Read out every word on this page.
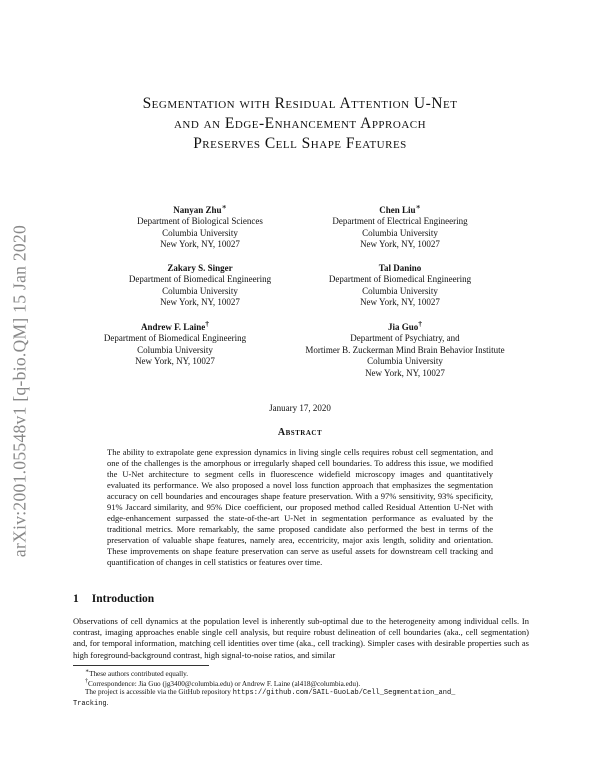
arXiv:2001.05548v1 [q-bio.QM] 15 Jan 2020
Segmentation with Residual Attention U-Net
and an Edge-Enhancement Approach
Preserves Cell Shape Features
Nanyan Zhu∗
Department of Biological Sciences
Columbia University
New York, NY, 10027
Chen Liu∗
Department of Electrical Engineering
Columbia University
New York, NY, 10027
Zakary S. Singer
Department of Biomedical Engineering
Columbia University
New York, NY, 10027
Tal Danino
Department of Biomedical Engineering
Columbia University
New York, NY, 10027
Andrew F. Laine†
Department of Biomedical Engineering
Columbia University
New York, NY, 10027
Jia Guo†
Department of Psychiatry, and
Mortimer B. Zuckerman Mind Brain Behavior Institute
Columbia University
New York, NY, 10027
January 17, 2020
Abstract
The ability to extrapolate gene expression dynamics in living single cells requires robust cell segmentation, and one of the challenges is the amorphous or irregularly shaped cell boundaries. To address this issue, we modified the U-Net architecture to segment cells in fluorescence widefield microscopy images and quantitatively evaluated its performance. We also proposed a novel loss function approach that emphasizes the segmentation accuracy on cell boundaries and encourages shape feature preservation. With a 97% sensitivity, 93% specificity, 91% Jaccard similarity, and 95% Dice coefficient, our proposed method called Residual Attention U-Net with edge-enhancement surpassed the state-of-the-art U-Net in segmentation performance as evaluated by the traditional metrics. More remarkably, the same proposed candidate also performed the best in terms of the preservation of valuable shape features, namely area, eccentricity, major axis length, solidity and orientation. These improvements on shape feature preservation can serve as useful assets for downstream cell tracking and quantification of changes in cell statistics or features over time.
1 Introduction
Observations of cell dynamics at the population level is inherently sub-optimal due to the heterogeneity among individual cells. In contrast, imaging approaches enable single cell analysis, but require robust delineation of cell boundaries (aka., cell segmentation) and, for temporal information, matching cell identities over time (aka., cell tracking). Simpler cases with desirable properties such as high foreground-background contrast, high signal-to-noise ratios, and similar
∗These authors contributed equally.
†Correspondence: Jia Guo (jg3400@columbia.edu) or Andrew F. Laine (al418@columbia.edu).
The project is accessible via the GitHub repository https://github.com/SAIL-GuoLab/Cell_Segmentation_and_
Tracking.
